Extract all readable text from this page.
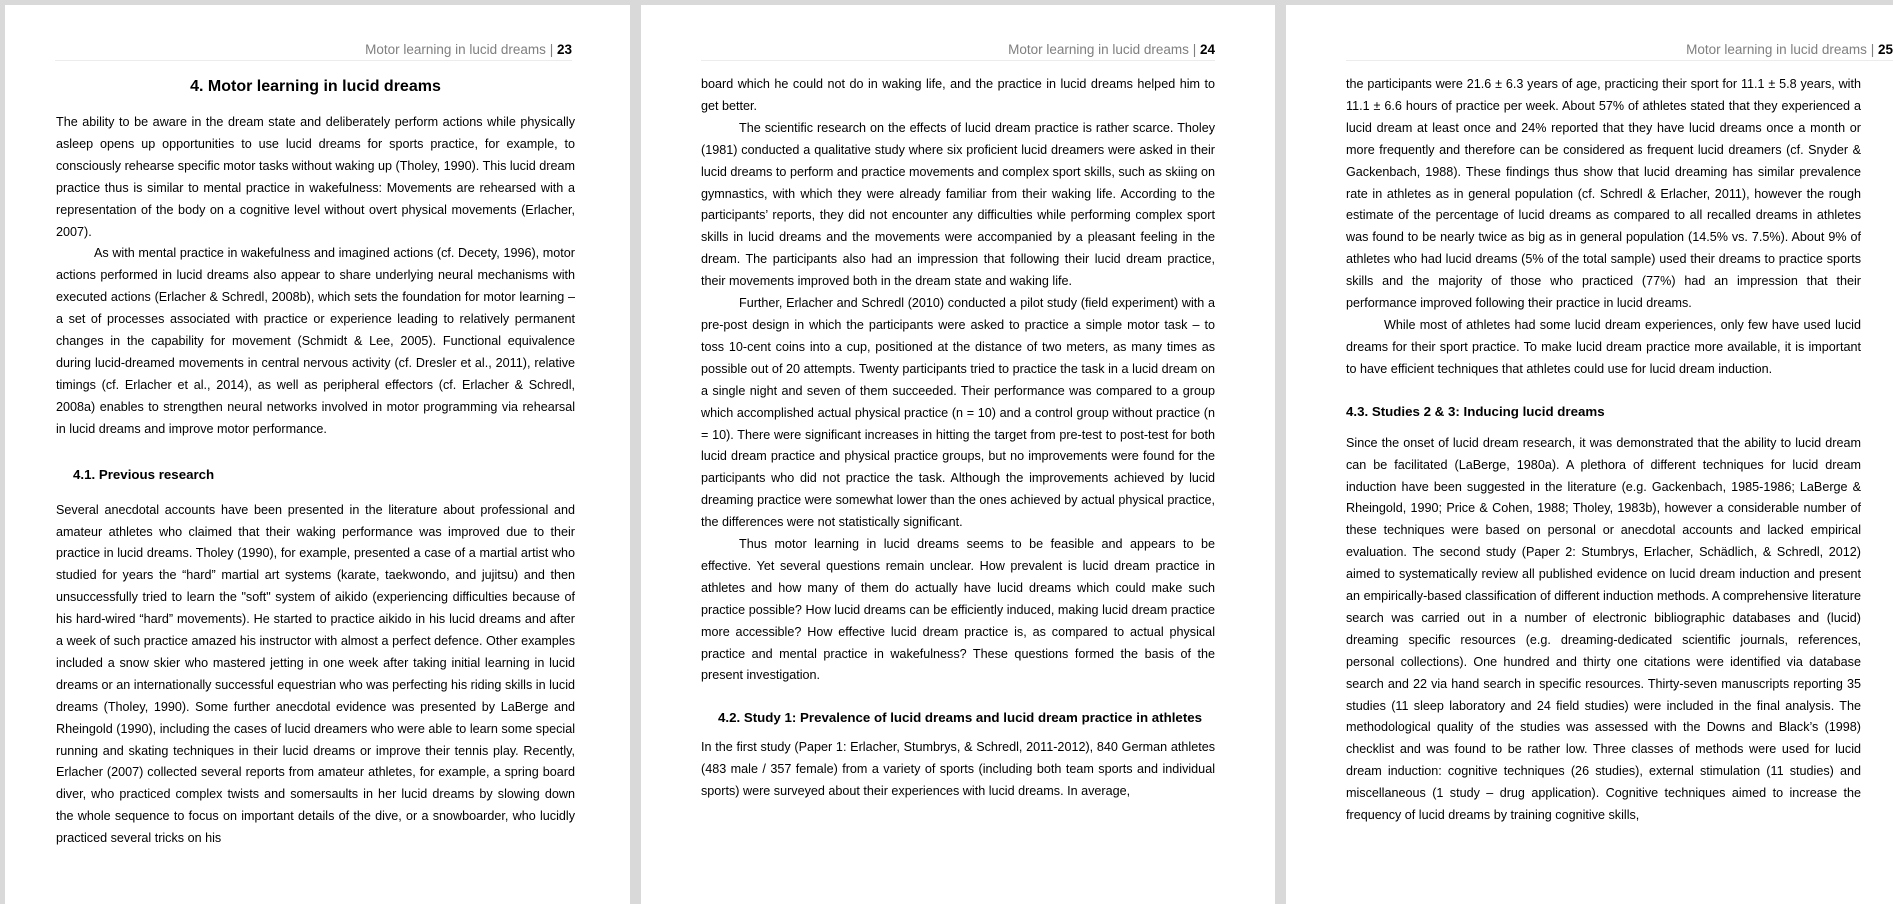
Motor learning in lucid dreams | 23
4. Motor learning in lucid dreams

The ability to be aware in the dream state and deliberately perform actions while physically asleep opens up opportunities to use lucid dreams for sports practice, for example, to consciously rehearse specific motor tasks without waking up (Tholey, 1990). This lucid dream practice thus is similar to mental practice in wakefulness: Movements are rehearsed with a representation of the body on a cognitive level without overt physical movements (Erlacher, 2007).

As with mental practice in wakefulness and imagined actions (cf. Decety, 1996), motor actions performed in lucid dreams also appear to share underlying neural mechanisms with executed actions (Erlacher & Schredl, 2008b), which sets the foundation for motor learning – a set of processes associated with practice or experience leading to relatively permanent changes in the capability for movement (Schmidt & Lee, 2005). Functional equivalence during lucid-dreamed movements in central nervous activity (cf. Dresler et al., 2011), relative timings (cf. Erlacher et al., 2014), as well as peripheral effectors (cf. Erlacher & Schredl, 2008a) enables to strengthen neural networks involved in motor programming via rehearsal in lucid dreams and improve motor performance.

4.1. Previous research

Several anecdotal accounts have been presented in the literature about professional and amateur athletes who claimed that their waking performance was improved due to their practice in lucid dreams. Tholey (1990), for example, presented a case of a martial artist who studied for years the “hard” martial art systems (karate, taekwondo, and jujitsu) and then unsuccessfully tried to learn the "soft" system of aikido (experiencing difficulties because of his hard-wired “hard” movements). He started to practice aikido in his lucid dreams and after a week of such practice amazed his instructor with almost a perfect defence. Other examples included a snow skier who mastered jetting in one week after taking initial learning in lucid dreams or an internationally successful equestrian who was perfecting his riding skills in lucid dreams (Tholey, 1990). Some further anecdotal evidence was presented by LaBerge and Rheingold (1990), including the cases of lucid dreamers who were able to learn some special running and skating techniques in their lucid dreams or improve their tennis play. Recently, Erlacher (2007) collected several reports from amateur athletes, for example, a spring board diver, who practiced complex twists and somersaults in her lucid dreams by slowing down the whole sequence to focus on important details of the dive, or a snowboarder, who lucidly practiced several tricks on his

Motor learning in lucid dreams | 24

board which he could not do in waking life, and the practice in lucid dreams helped him to get better.

The scientific research on the effects of lucid dream practice is rather scarce. Tholey (1981) conducted a qualitative study where six proficient lucid dreamers were asked in their lucid dreams to perform and practice movements and complex sport skills, such as skiing on gymnastics, with which they were already familiar from their waking life. According to the participants’ reports, they did not encounter any difficulties while performing complex sport skills in lucid dreams and the movements were accompanied by a pleasant feeling in the dream. The participants also had an impression that following their lucid dream practice, their movements improved both in the dream state and waking life.

Further, Erlacher and Schredl (2010) conducted a pilot study (field experiment) with a pre-post design in which the participants were asked to practice a simple motor task – to toss 10-cent coins into a cup, positioned at the distance of two meters, as many times as possible out of 20 attempts. Twenty participants tried to practice the task in a lucid dream on a single night and seven of them succeeded. Their performance was compared to a group which accomplished actual physical practice (n = 10) and a control group without practice (n = 10). There were significant increases in hitting the target from pre-test to post-test for both lucid dream practice and physical practice groups, but no improvements were found for the participants who did not practice the task. Although the improvements achieved by lucid dreaming practice were somewhat lower than the ones achieved by actual physical practice, the differences were not statistically significant.

Thus motor learning in lucid dreams seems to be feasible and appears to be effective. Yet several questions remain unclear. How prevalent is lucid dream practice in athletes and how many of them do actually have lucid dreams which could make such practice possible? How lucid dreams can be efficiently induced, making lucid dream practice more accessible? How effective lucid dream practice is, as compared to actual physical practice and mental practice in wakefulness? These questions formed the basis of the present investigation.

4.2. Study 1: Prevalence of lucid dreams and lucid dream practice in athletes

In the first study (Paper 1: Erlacher, Stumbrys, & Schredl, 2011-2012), 840 German athletes (483 male / 357 female) from a variety of sports (including both team sports and individual sports) were surveyed about their experiences with lucid dreams. In average,

Motor learning in lucid dreams | 25

the participants were 21.6 ± 6.3 years of age, practicing their sport for 11.1 ± 5.8 years, with 11.1 ± 6.6 hours of practice per week. About 57% of athletes stated that they experienced a lucid dream at least once and 24% reported that they have lucid dreams once a month or more frequently and therefore can be considered as frequent lucid dreamers (cf. Snyder & Gackenbach, 1988). These findings thus show that lucid dreaming has similar prevalence rate in athletes as in general population (cf. Schredl & Erlacher, 2011), however the rough estimate of the percentage of lucid dreams as compared to all recalled dreams in athletes was found to be nearly twice as big as in general population (14.5% vs. 7.5%). About 9% of athletes who had lucid dreams (5% of the total sample) used their dreams to practice sports skills and the majority of those who practiced (77%) had an impression that their performance improved following their practice in lucid dreams.

While most of athletes had some lucid dream experiences, only few have used lucid dreams for their sport practice. To make lucid dream practice more available, it is important to have efficient techniques that athletes could use for lucid dream induction.

4.3. Studies 2 & 3: Inducing lucid dreams

Since the onset of lucid dream research, it was demonstrated that the ability to lucid dream can be facilitated (LaBerge, 1980a). A plethora of different techniques for lucid dream induction have been suggested in the literature (e.g. Gackenbach, 1985-1986; LaBerge & Rheingold, 1990; Price & Cohen, 1988; Tholey, 1983b), however a considerable number of these techniques were based on personal or anecdotal accounts and lacked empirical evaluation. The second study (Paper 2: Stumbrys, Erlacher, Schädlich, & Schredl, 2012) aimed to systematically review all published evidence on lucid dream induction and present an empirically-based classification of different induction methods. A comprehensive literature search was carried out in a number of electronic bibliographic databases and (lucid) dreaming specific resources (e.g. dreaming-dedicated scientific journals, references, personal collections). One hundred and thirty one citations were identified via database search and 22 via hand search in specific resources. Thirty-seven manuscripts reporting 35 studies (11 sleep laboratory and 24 field studies) were included in the final analysis. The methodological quality of the studies was assessed with the Downs and Black’s (1998) checklist and was found to be rather low. Three classes of methods were used for lucid dream induction: cognitive techniques (26 studies), external stimulation (11 studies) and miscellaneous (1 study – drug application). Cognitive techniques aimed to increase the frequency of lucid dreams by training cognitive skills,
